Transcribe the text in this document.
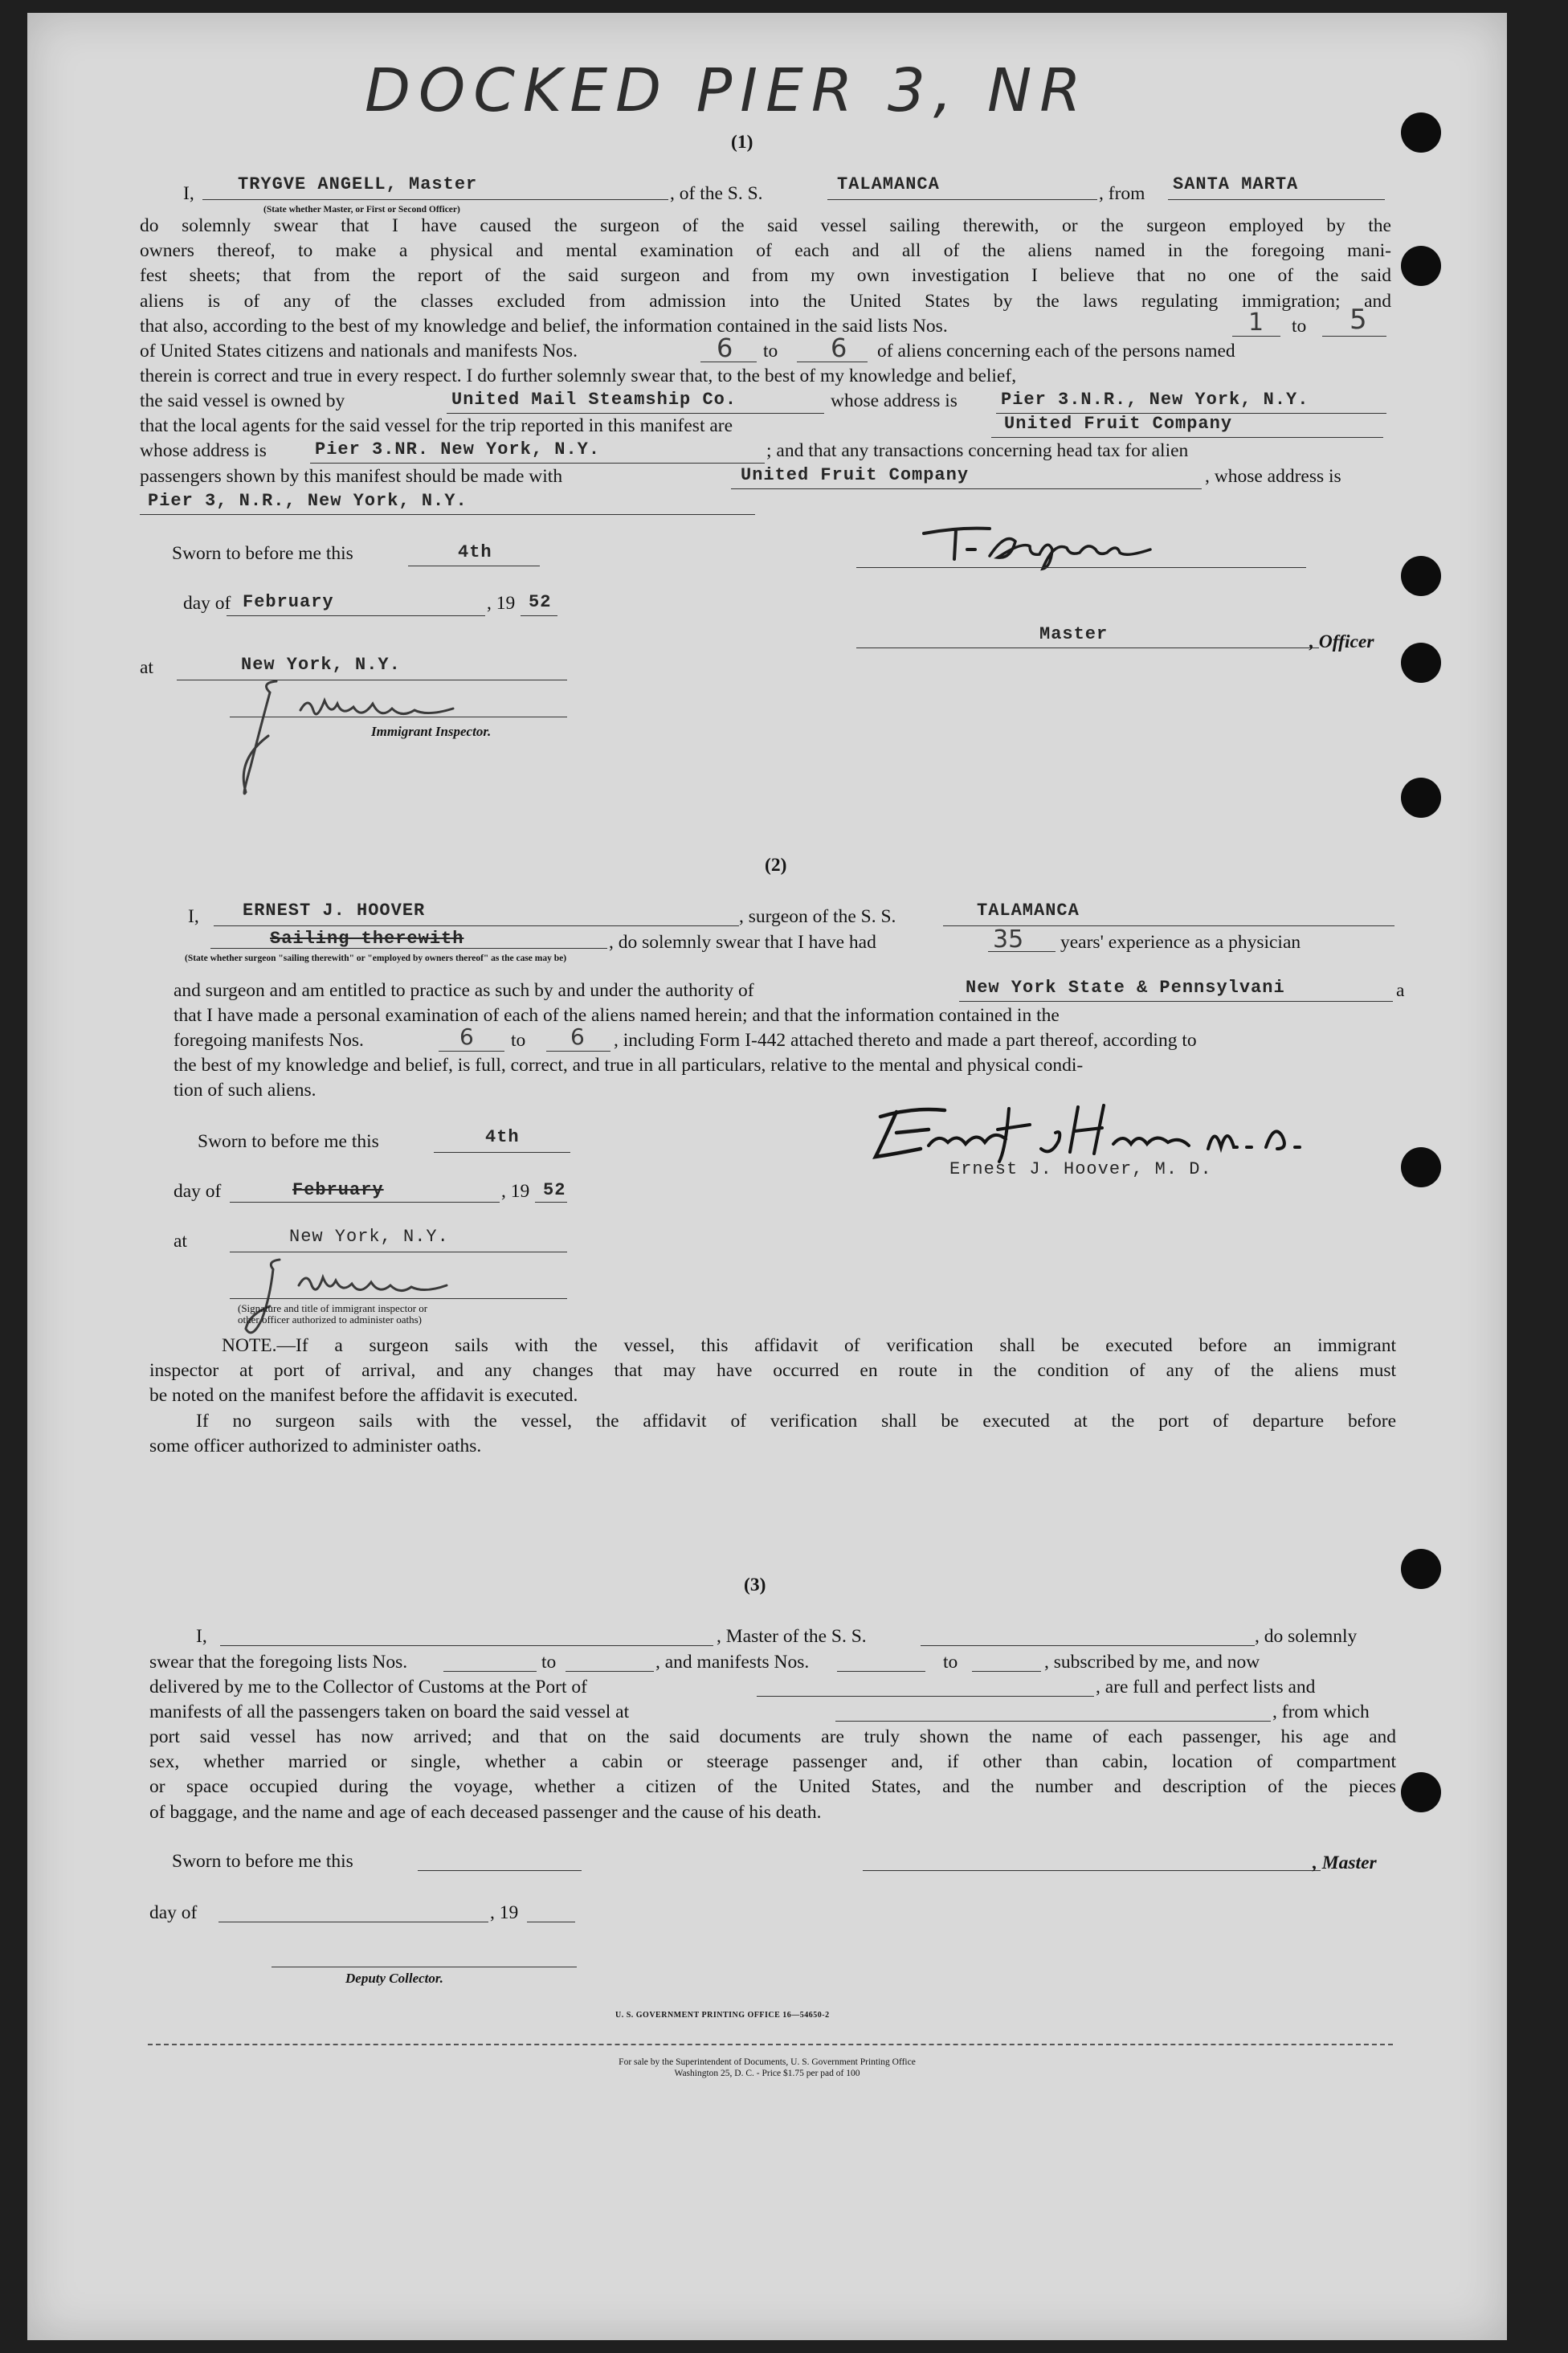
DOCKED PIER 3, NR
(1)
I, TRYGVE ANGELL, Master
(State whether Master, or First or Second Officer)
, of the S. S.	TALAMANCA	, from SANTA MARTA
do solemnly swear that I have caused the surgeon of the said vessel sailing therewith, or the surgeon employed by the
owners thereof, to make a physical and mental examination of each and all of the aliens named in the foregoing mani-
fest sheets; that from the report of the said surgeon and from my own investigation I believe that no one of the said
aliens is of any of the classes excluded from admission into the United States by the laws regulating immigration; and
that also, according to the best of my knowledge and belief, the information contained in the said lists Nos.	1 to 5
of United States citizens and nationals and manifests Nos.	6 to 6 of aliens concerning each of the persons named
therein is correct and true in every respect. I do further solemnly swear that, to the best of my knowledge and belief,
the said vessel is owned by	United Mail Steamship Co.	whose address is Pier 3.N.R., New York, N.Y.
that the local agents for the said vessel for the trip reported in this manifest are	United Fruit Company
whose address is	Pier 3.NR. New York, N.Y.	; and that any transactions concerning head tax for alien
passengers shown by this manifest should be made with	United Fruit Company	, whose address is
Pier 3, N.R., New York, N.Y.
Sworn to before me this	4th
day of February	, 19 52
Master	, Officer
at	New York, N.Y.
Immigrant Inspector.
(2)
I, ERNEST J. HOOVER	, surgeon of the S. S.	TALAMANCA
Sailing therewith	, do solemnly swear that I have had	35 years' experience as a physician
(State whether surgeon "sailing therewith" or "employed by owners thereof" as the case may be)
and surgeon and am entitled to practice as such by and under the authority of	New York State & Pennsylvani	a
that I have made a personal examination of each of the aliens named herein; and that the information contained in the
foregoing manifests Nos.	6 to 6 , including Form I-442 attached thereto and made a part thereof, according to
the best of my knowledge and belief, is full, correct, and true in all particulars, relative to the mental and physical condi-
tion of such aliens.
Sworn to before me this	4th
Ernest J. Hoover, M. D.
day of	February	, 19 52
at	New York, N.Y.
(Signature and title of immigrant inspector or
other officer authorized to administer oaths)
NOTE.—If a surgeon sails with the vessel, this affidavit of verification shall be executed before an immigrant
inspector at port of arrival, and any changes that may have occurred en route in the condition of any of the aliens must
be noted on the manifest before the affidavit is executed.
If no surgeon sails with the vessel, the affidavit of verification shall be executed at the port of departure before
some officer authorized to administer oaths.
(3)
I,	, Master of the S. S.	, do solemnly
swear that the foregoing lists Nos.	to	, and manifests Nos.	to	, subscribed by me, and now
delivered by me to the Collector of Customs at the Port of	, are full and perfect lists and
manifests of all the passengers taken on board the said vessel at	, from which
port said vessel has now arrived; and that on the said documents are truly shown the name of each passenger, his age and
sex, whether married or single, whether a cabin or steerage passenger and, if other than cabin, location of compartment
or space occupied during the voyage, whether a citizen of the United States, and the number and description of the pieces
of baggage, and the name and age of each deceased passenger and the cause of his death.
Sworn to before me this	, Master
day of	, 19
Deputy Collector.
U. S. GOVERNMENT PRINTING OFFICE 16—54650-2
For sale by the Superintendent of Documents, U. S. Government Printing Office
Washington 25, D. C. - Price $1.75 per pad of 100
